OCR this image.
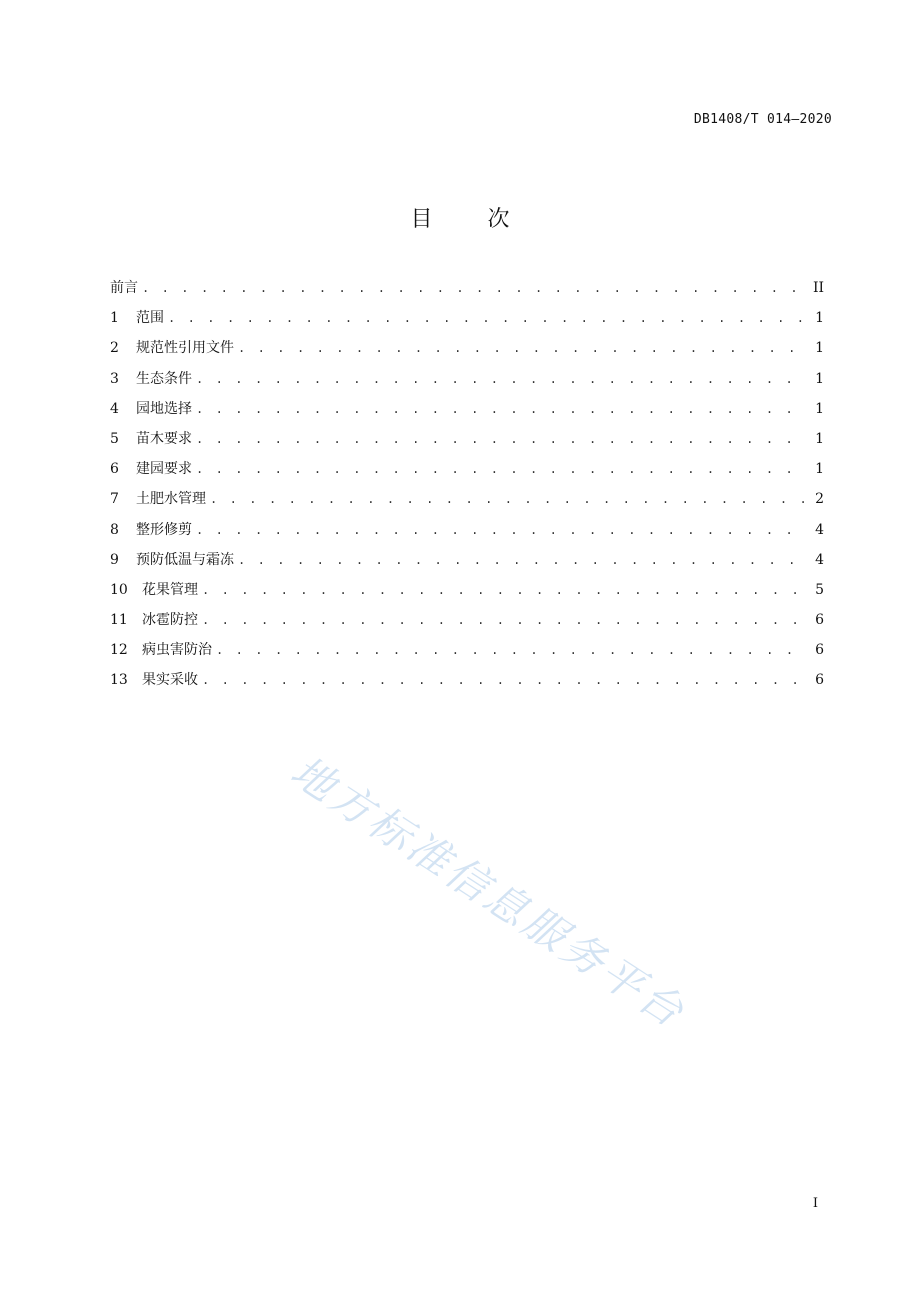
DB1408/T 014—2020
目 次
前言 . . .	II
1	范围 . . .	1
2	规范性引用文件 . . .	1
3	生态条件 . . .	1
4	园地选择 . . .	1
5	苗木要求 . . .	1
6	建园要求 . . .	1
7	土肥水管理 . . .	2
8	整形修剪 . . .	4
9	预防低温与霜冻 . . .	4
10	花果管理 . . .	5
11	冰雹防控 . . .	6
12	病虫害防治 . . .	6
13	果实采收 . . .	6
地方标准信息服务平台
I
